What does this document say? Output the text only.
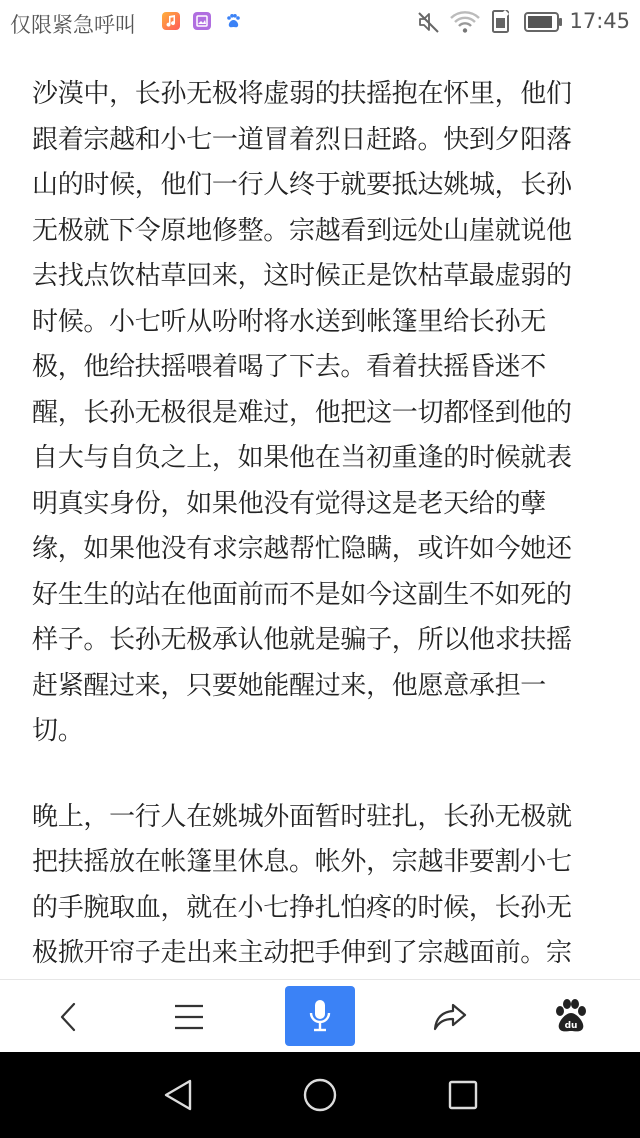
仅限紧急呼叫	17:45

沙漠中，长孙无极将虚弱的扶摇抱在怀里，他们跟着宗越和小七一道冒着烈日赶路。快到夕阳落山的时候，他们一行人终于就要抵达姚城，长孙无极就下令原地修整。宗越看到远处山崖就说他去找点饮枯草回来，这时候正是饮枯草最虚弱的时候。小七听从吩咐将水送到帐篷里给长孙无极，他给扶摇喂着喝了下去。看着扶摇昏迷不醒，长孙无极很是难过，他把这一切都怪到他的自大与自负之上，如果他在当初重逢的时候就表明真实身份，如果他没有觉得这是老天给的孽缘，如果他没有求宗越帮忙隐瞒，或许如今她还好生生的站在他面前而不是如今这副生不如死的样子。长孙无极承认他就是骗子，所以他求扶摇赶紧醒过来，只要她能醒过来，他愿意承担一切。

晚上，一行人在姚城外面暂时驻扎，长孙无极就把扶摇放在帐篷里休息。帐外，宗越非要割小七的手腕取血，就在小七挣扎怕疼的时候，长孙无极掀开帘子走出来主动把手伸到了宗越面前。宗

du
